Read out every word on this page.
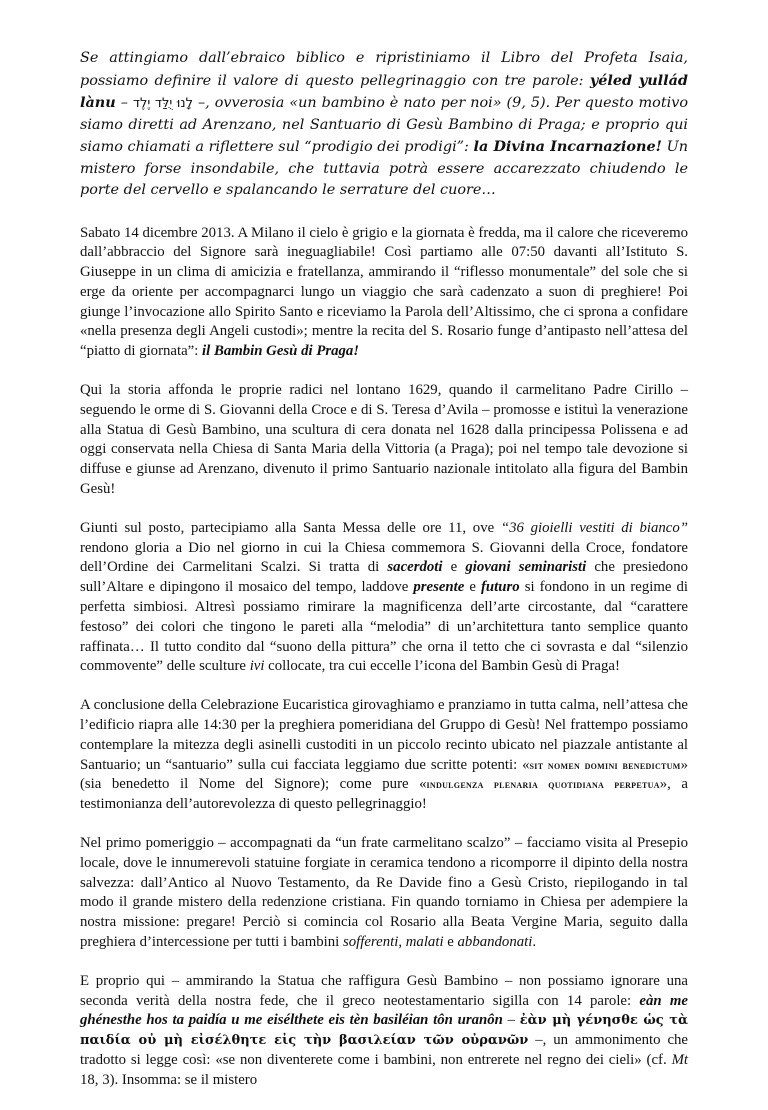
Se attingiamo dall’ebraico biblico e ripristiniamo il Libro del Profeta Isaia, possiamo definire il valore di questo pellegrinaggio con tre parole: yéled yullád lànu – לָנוּ יֻלַּד יֶלֶד –, ovverosia «un bambino è nato per noi» (9, 5). Per questo motivo siamo diretti ad Arenzano, nel Santuario di Gesù Bambino di Praga; e proprio qui siamo chiamati a riflettere sul “prodigio dei prodigi”: la Divina Incarnazione! Un mistero forse insondabile, che tuttavia potrà essere accarezzato chiudendo le porte del cervello e spalancando le serrature del cuore…

Sabato 14 dicembre 2013. A Milano il cielo è grigio e la giornata è fredda, ma il calore che riceveremo dall’abbraccio del Signore sarà ineguagliabile! Così partiamo alle 07:50 davanti all’Istituto S. Giuseppe in un clima di amicizia e fratellanza, ammirando il “riflesso monumentale” del sole che si erge da oriente per accompagnarci lungo un viaggio che sarà cadenzato a suon di preghiere! Poi giunge l’invocazione allo Spirito Santo e riceviamo la Parola dell’Altissimo, che ci sprona a confidare «nella presenza degli Angeli custodi»; mentre la recita del S. Rosario funge d’antipasto nell’attesa del “piatto di giornata”: il Bambin Gesù di Praga!

Qui la storia affonda le proprie radici nel lontano 1629, quando il carmelitano Padre Cirillo – seguendo le orme di S. Giovanni della Croce e di S. Teresa d’Avila – promosse e istituì la venerazione alla Statua di Gesù Bambino, una scultura di cera donata nel 1628 dalla principessa Polissena e ad oggi conservata nella Chiesa di Santa Maria della Vittoria (a Praga); poi nel tempo tale devozione si diffuse e giunse ad Arenzano, divenuto il primo Santuario nazionale intitolato alla figura del Bambin Gesù!

Giunti sul posto, partecipiamo alla Santa Messa delle ore 11, ove “36 gioielli vestiti di bianco” rendono gloria a Dio nel giorno in cui la Chiesa commemora S. Giovanni della Croce, fondatore dell’Ordine dei Carmelitani Scalzi. Si tratta di sacerdoti e giovani seminaristi che presiedono sull’Altare e dipingono il mosaico del tempo, laddove presente e futuro si fondono in un regime di perfetta simbiosi. Altresì possiamo rimirare la magnificenza dell’arte circostante, dal “carattere festoso” dei colori che tingono le pareti alla “melodia” di un’architettura tanto semplice quanto raffinata… Il tutto condito dal “suono della pittura” che orna il tetto che ci sovrasta e dal “silenzio commovente” delle sculture ivi collocate, tra cui eccelle l’icona del Bambin Gesù di Praga!

A conclusione della Celebrazione Eucaristica girovaghiamo e pranziamo in tutta calma, nell’attesa che l’edificio riapra alle 14:30 per la preghiera pomeridiana del Gruppo di Gesù! Nel frattempo possiamo contemplare la mitezza degli asinelli custoditi in un piccolo recinto ubicato nel piazzale antistante al Santuario; un “santuario” sulla cui facciata leggiamo due scritte potenti: «sit nomen domini benedictum» (sia benedetto il Nome del Signore); come pure «indulgenza plenaria quotidiana perpetua», a testimonianza dell’autorevolezza di questo pellegrinaggio!

Nel primo pomeriggio – accompagnati da “un frate carmelitano scalzo” – facciamo visita al Presepio locale, dove le innumerevoli statuine forgiate in ceramica tendono a ricomporre il dipinto della nostra salvezza: dall’Antico al Nuovo Testamento, da Re Davide fino a Gesù Cristo, riepilogando in tal modo il grande mistero della redenzione cristiana. Fin quando torniamo in Chiesa per adempiere la nostra missione: pregare! Perciò si comincia col Rosario alla Beata Vergine Maria, seguito dalla preghiera d’intercessione per tutti i bambini sofferenti, malati e abbandonati.

E proprio qui – ammirando la Statua che raffigura Gesù Bambino – non possiamo ignorare una seconda verità della nostra fede, che il greco neotestamentario sigilla con 14 parole: eàn me ghénesthe hos ta paidía u me eisélthete eis tèn basiléian tôn uranôn – ἐὰν μὴ γένησθε ὡς τὰ παιδία οὐ μὴ εἰσέλθητε εἰς τὴν βασιλείαν τῶν οὐρανῶν –, un ammonimento che tradotto si legge così: «se non diventerete come i bambini, non entrerete nel regno dei cieli» (cf. Mt 18, 3). Insomma: se il mistero
